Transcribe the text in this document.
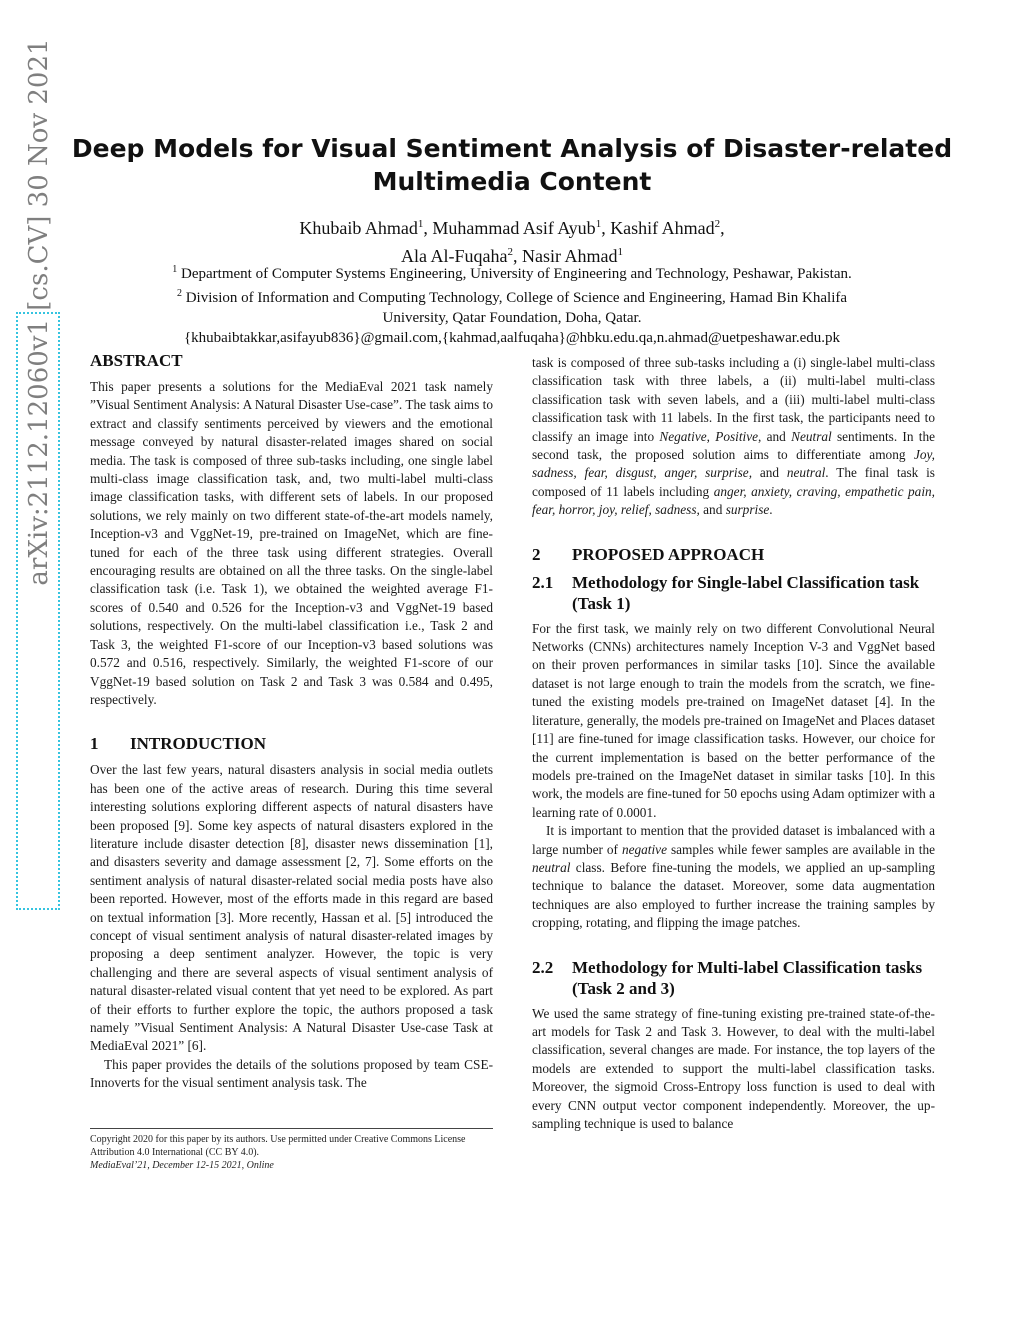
arXiv:2112.12060v1 [cs.CV] 30 Nov 2021 Deep Models for Visual Sentiment Analysis of Disaster-related Multimedia Content
Khubaib Ahmad$^1$, Muhammad Asif Ayub$^1$, Kashif Ahmad$^2$,
Ala Al-Fuqaha$^2$, Nasir Ahmad$^1$
$^1$ Department of Computer Systems Engineering, University of Engineering and Technology, Peshawar, Pakistan.
$^2$ Division of Information and Computing Technology, College of Science and Engineering, Hamad Bin Khalifa
University, Qatar Foundation, Doha, Qatar.
{khubaibtakkar,asifayub836}@gmail.com,{kahmad,aalfuqaha}@hbku.edu.qa,n.ahmad@uetpeshawar.edu.pk
ABSTRACT

This paper presents a solutions for the MediaEval 2021 task namely ”Visual Sentiment Analysis: A Natural Disaster Use-case”. The task aims to extract and classify sentiments perceived by viewers and the emotional message conveyed by natural disaster-related images shared on social media. The task is composed of three sub-tasks including, one single label multi-class image classification task, and, two multi-label multi-class image classification tasks, with different sets of labels. In our proposed solutions, we rely mainly on two different state-of-the-art models namely, Inception-v3 and VggNet-19, pre-trained on ImageNet, which are fine-tuned for each of the three task using different strategies. Overall encouraging results are obtained on all the three tasks. On the single-label classification task (i.e. Task 1), we obtained the weighted average F1-scores of 0.540 and 0.526 for the Inception-v3 and VggNet-19 based solutions, respectively. On the multi-label classification i.e., Task 2 and Task 3, the weighted F1-score of our Inception-v3 based solutions was 0.572 and 0.516, respectively. Similarly, the weighted F1-score of our VggNet-19 based solution on Task 2 and Task 3 was 0.584 and 0.495, respectively.

1 INTRODUCTION

Over the last few years, natural disasters analysis in social media outlets has been one of the active areas of research. During this time several interesting solutions exploring different aspects of natural disasters have been proposed [9]. Some key aspects of natural disasters explored in the literature include disaster detection [8], disaster news dissemination [1], and disasters severity and damage assessment [2, 7]. Some efforts on the sentiment analysis of natural disaster-related social media posts have also been reported. However, most of the efforts made in this regard are based on textual information [3]. More recently, Hassan et al. [5] introduced the concept of visual sentiment analysis of natural disaster-related images by proposing a deep sentiment analyzer. However, the topic is very challenging and there are several aspects of visual sentiment analysis of natural disaster-related visual content that yet need to be explored. As part of their efforts to further explore the topic, the authors proposed a task namely ”Visual Sentiment Analysis: A Natural Disaster Use-case Task at MediaEval 2021” [6].

This paper provides the details of the solutions proposed by team CSE-Innoverts for the visual sentiment analysis task. The

Copyright 2020 for this paper by its authors. Use permitted under Creative Commons License Attribution 4.0 International (CC BY 4.0).
MediaEval’21, December 12-15 2021, Online

task is composed of three sub-tasks including a (i) single-label multi-class classification task with three labels, a (ii) multi-label multi-class classification task with seven labels, and a (iii) multi-label multi-class classification task with 11 labels. In the first task, the participants need to classify an image into Negative, Positive, and Neutral sentiments. In the second task, the proposed solution aims to differentiate among Joy, sadness, fear, disgust, anger, surprise, and neutral. The final task is composed of 11 labels including anger, anxiety, craving, empathetic pain, fear, horror, joy, relief, sadness, and surprise.

2 PROPOSED APPROACH
2.1 Methodology for Single-label Classification task (Task 1)

For the first task, we mainly rely on two different Convolutional Neural Networks (CNNs) architectures namely Inception V-3 and VggNet based on their proven performances in similar tasks [10]. Since the available dataset is not large enough to train the models from the scratch, we fine-tuned the existing models pre-trained on ImageNet dataset [4]. In the literature, generally, the models pre-trained on ImageNet and Places dataset [11] are fine-tuned for image classification tasks. However, our choice for the current implementation is based on the better performance of the models pre-trained on the ImageNet dataset in similar tasks [10]. In this work, the models are fine-tuned for 50 epochs using Adam optimizer with a learning rate of 0.0001.

It is important to mention that the provided dataset is imbalanced with a large number of negative samples while fewer samples are available in the neutral class. Before fine-tuning the models, we applied an up-sampling technique to balance the dataset. Moreover, some data augmentation techniques are also employed to further increase the training samples by cropping, rotating, and flipping the image patches.

2.2 Methodology for Multi-label Classification tasks (Task 2 and 3)

We used the same strategy of fine-tuning existing pre-trained state-of-the-art models for Task 2 and Task 3. However, to deal with the multi-label classification, several changes are made. For instance, the top layers of the models are extended to support the multi-label classification tasks. Moreover, the sigmoid Cross-Entropy loss function is used to deal with every CNN output vector component independently. Moreover, the up-sampling technique is used to balance
